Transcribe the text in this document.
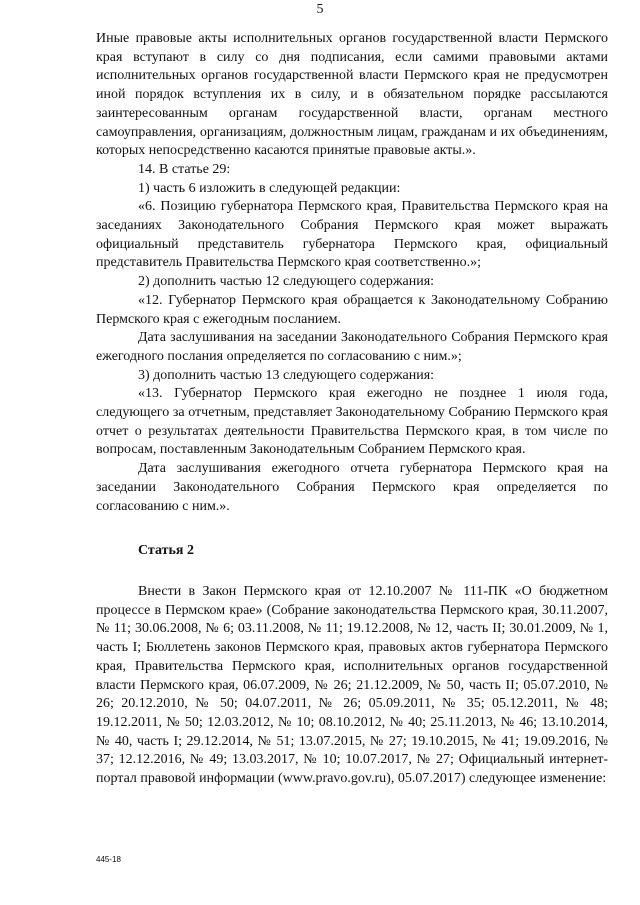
5

Иные правовые акты исполнительных органов государственной власти Пермского края вступают в силу со дня подписания, если самими правовыми актами исполнительных органов государственной власти Пермского края не предусмотрен иной порядок вступления их в силу, и в обязательном порядке рассылаются заинтересованным органам государственной власти, органам местного самоуправления, организациям, должностным лицам, гражданам и их объединениям, которых непосредственно касаются принятые правовые акты.».

14. В статье 29:

1) часть 6 изложить в следующей редакции:

«6. Позицию губернатора Пермского края, Правительства Пермского края на заседаниях Законодательного Собрания Пермского края может выражать официальный представитель губернатора Пермского края, официальный представитель Правительства Пермского края соответственно.»;

2) дополнить частью 12 следующего содержания:

«12. Губернатор Пермского края обращается к Законодательному Собранию Пермского края с ежегодным посланием.

Дата заслушивания на заседании Законодательного Собрания Пермского края ежегодного послания определяется по согласованию с ним.»;

3) дополнить частью 13 следующего содержания:

«13. Губернатор Пермского края ежегодно не позднее 1 июля года, следующего за отчетным, представляет Законодательному Собранию Пермского края отчет о результатах деятельности Правительства Пермского края, в том числе по вопросам, поставленным Законодательным Собранием Пермского края.

Дата заслушивания ежегодного отчета губернатора Пермского края на заседании Законодательного Собрания Пермского края определяется по согласованию с ним.».

Статья 2

Внести в Закон Пермского края от 12.10.2007 № 111-ПК «О бюджетном процессе в Пермском крае» (Собрание законодательства Пермского края, 30.11.2007, № 11; 30.06.2008, № 6; 03.11.2008, № 11; 19.12.2008, № 12, часть II; 30.01.2009, № 1, часть I; Бюллетень законов Пермского края, правовых актов губернатора Пермского края, Правительства Пермского края, исполнительных органов государственной власти Пермского края, 06.07.2009, № 26; 21.12.2009, № 50, часть II; 05.07.2010, № 26; 20.12.2010, № 50; 04.07.2011, № 26; 05.09.2011, № 35; 05.12.2011, № 48; 19.12.2011, № 50; 12.03.2012, № 10; 08.10.2012, № 40; 25.11.2013, № 46; 13.10.2014, № 40, часть I; 29.12.2014, № 51; 13.07.2015, № 27; 19.10.2015, № 41; 19.09.2016, № 37; 12.12.2016, № 49; 13.03.2017, № 10; 10.07.2017, № 27; Официальный интернет-портал правовой информации (www.pravo.gov.ru), 05.07.2017) следующее изменение:

445-18
